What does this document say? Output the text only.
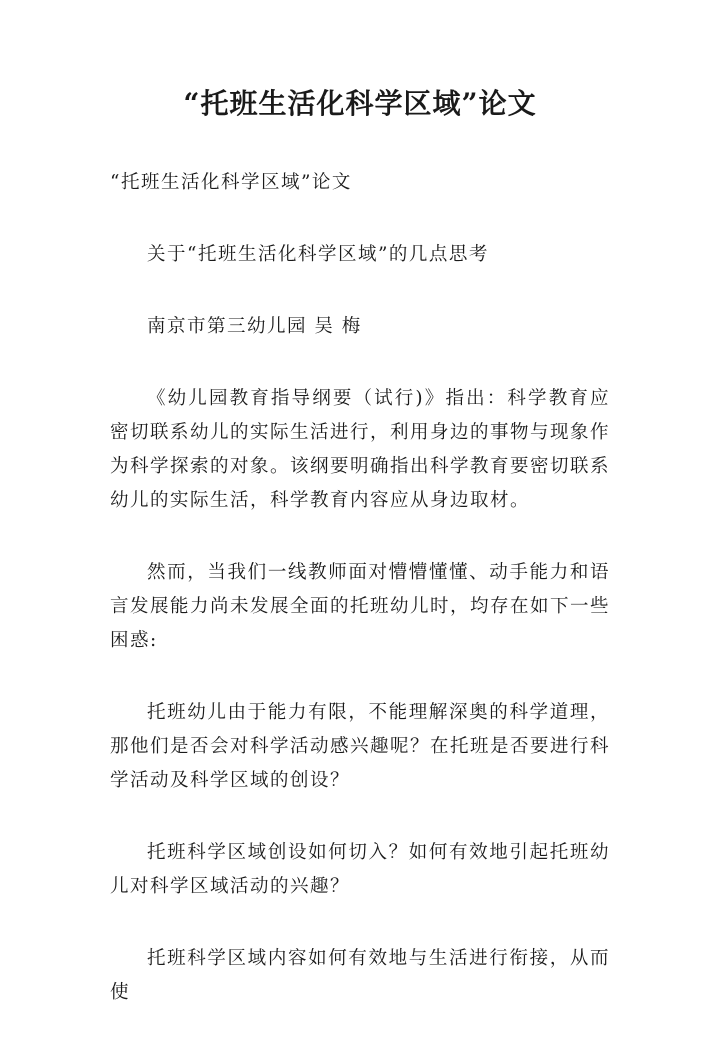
“托班生活化科学区域”论文

“托班生活化科学区域”论文

关于“托班生活化科学区域”的几点思考

南京市第三幼儿园 吴 梅

《幼儿园教育指导纲要（试行)》指出：科学教育应密切联系幼儿的实际生活进行，利用身边的事物与现象作为科学探索的对象。该纲要明确指出科学教育要密切联系幼儿的实际生活，科学教育内容应从身边取材。

然而，当我们一线教师面对懵懵懂懂、动手能力和语言发展能力尚未发展全面的托班幼儿时，均存在如下一些困惑:

托班幼儿由于能力有限，不能理解深奥的科学道理，那他们是否会对科学活动感兴趣呢？在托班是否要进行科学活动及科学区域的创设？

托班科学区域创设如何切入？如何有效地引起托班幼儿对科学区域活动的兴趣？

托班科学区域内容如何有效地与生活进行衔接，从而使
